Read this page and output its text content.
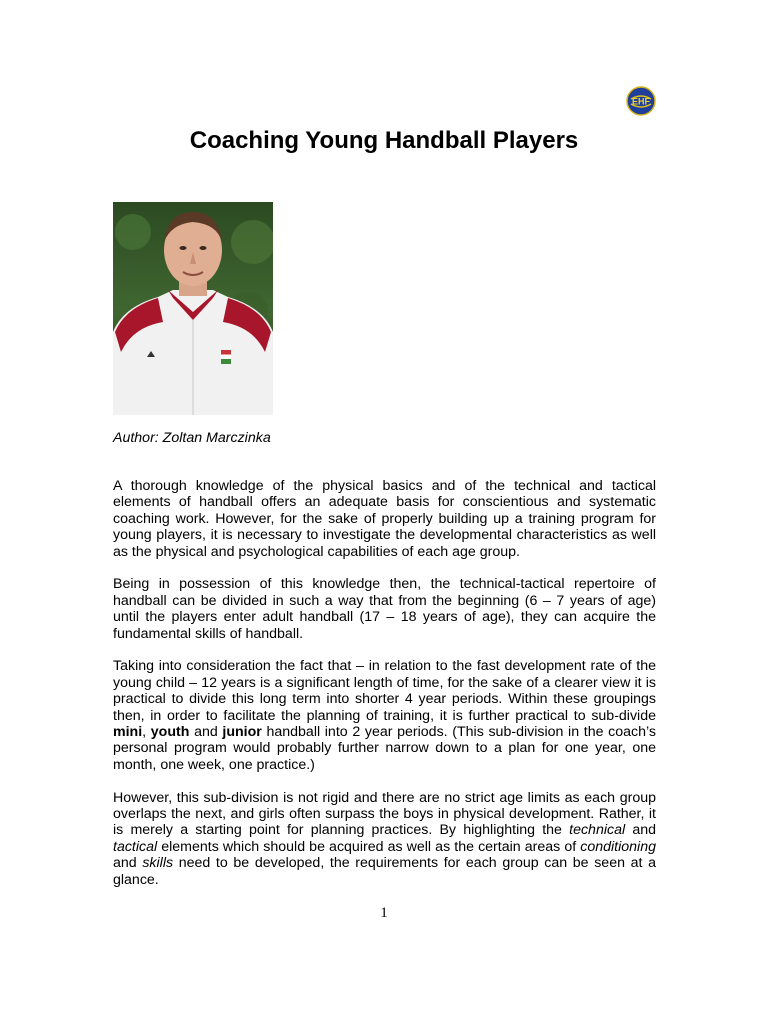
EHF
Coaching Young Handball Players
Author: Zoltan Marczinka

A thorough knowledge of the physical basics and of the technical and tactical elements of handball offers an adequate basis for conscientious and systematic coaching work. However, for the sake of properly building up a training program for young players, it is necessary to investigate the developmental characteristics as well as the physical and psychological capabilities of each age group.

Being in possession of this knowledge then, the technical-tactical repertoire of handball can be divided in such a way that from the beginning (6 – 7 years of age) until the players enter adult handball (17 – 18 years of age), they can acquire the fundamental skills of handball.

Taking into consideration the fact that – in relation to the fast development rate of the young child – 12 years is a significant length of time, for the sake of a clearer view it is practical to divide this long term into shorter 4 year periods. Within these groupings then, in order to facilitate the planning of training, it is further practical to sub-divide mini, youth and junior handball into 2 year periods. (This sub-division in the coach’s personal program would probably further narrow down to a plan for one year, one month, one week, one practice.)

However, this sub-division is not rigid and there are no strict age limits as each group overlaps the next, and girls often surpass the boys in physical development. Rather, it is merely a starting point for planning practices. By highlighting the technical and tactical elements which should be acquired as well as the certain areas of conditioning and skills need to be developed, the requirements for each group can be seen at a glance.

1
